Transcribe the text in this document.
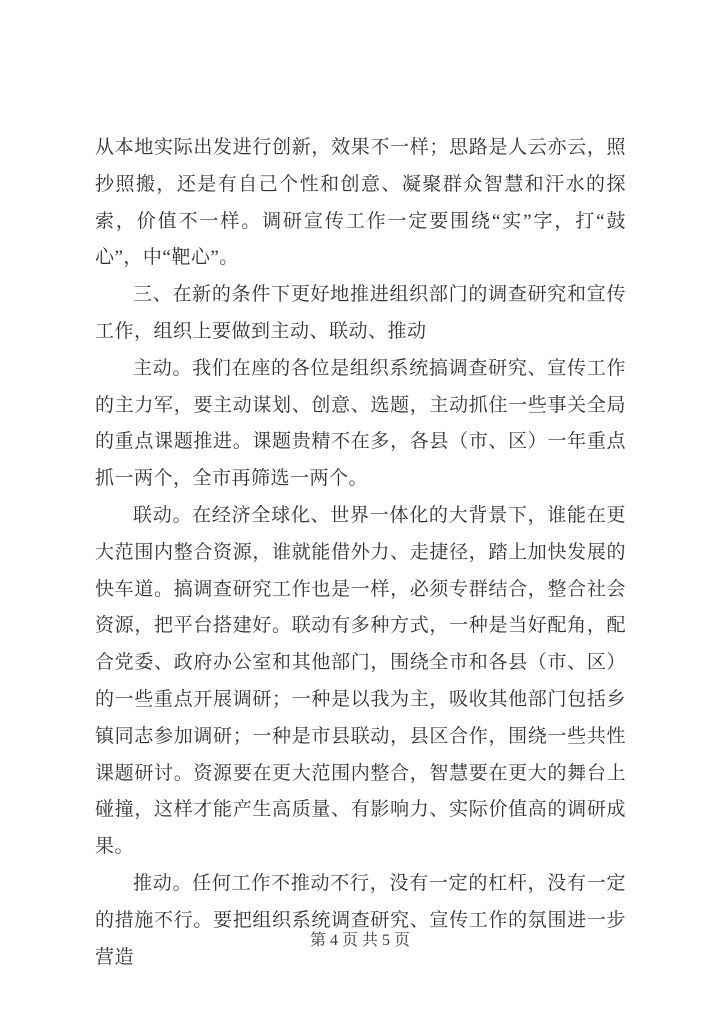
从本地实际出发进行创新，效果不一样；思路是人云亦云，照抄照搬，还是有自己个性和创意、凝聚群众智慧和汗水的探索，价值不一样。调研宣传工作一定要围绕“实”字，打“鼓心”，中“靶心”。

三、在新的条件下更好地推进组织部门的调查研究和宣传工作，组织上要做到主动、联动、推动

主动。我们在座的各位是组织系统搞调查研究、宣传工作的主力军，要主动谋划、创意、选题，主动抓住一些事关全局的重点课题推进。课题贵精不在多，各县（市、区）一年重点抓一两个，全市再筛选一两个。

联动。在经济全球化、世界一体化的大背景下，谁能在更大范围内整合资源，谁就能借外力、走捷径，踏上加快发展的快车道。搞调查研究工作也是一样，必须专群结合，整合社会资源，把平台搭建好。联动有多种方式，一种是当好配角，配合党委、政府办公室和其他部门，围绕全市和各县（市、区）的一些重点开展调研；一种是以我为主，吸收其他部门包括乡镇同志参加调研；一种是市县联动，县区合作，围绕一些共性课题研讨。资源要在更大范围内整合，智慧要在更大的舞台上碰撞，这样才能产生高质量、有影响力、实际价值高的调研成果。

推动。任何工作不推动不行，没有一定的杠杆，没有一定的措施不行。要把组织系统调查研究、宣传工作的氛围进一步营造

第 4 页 共 5 页
